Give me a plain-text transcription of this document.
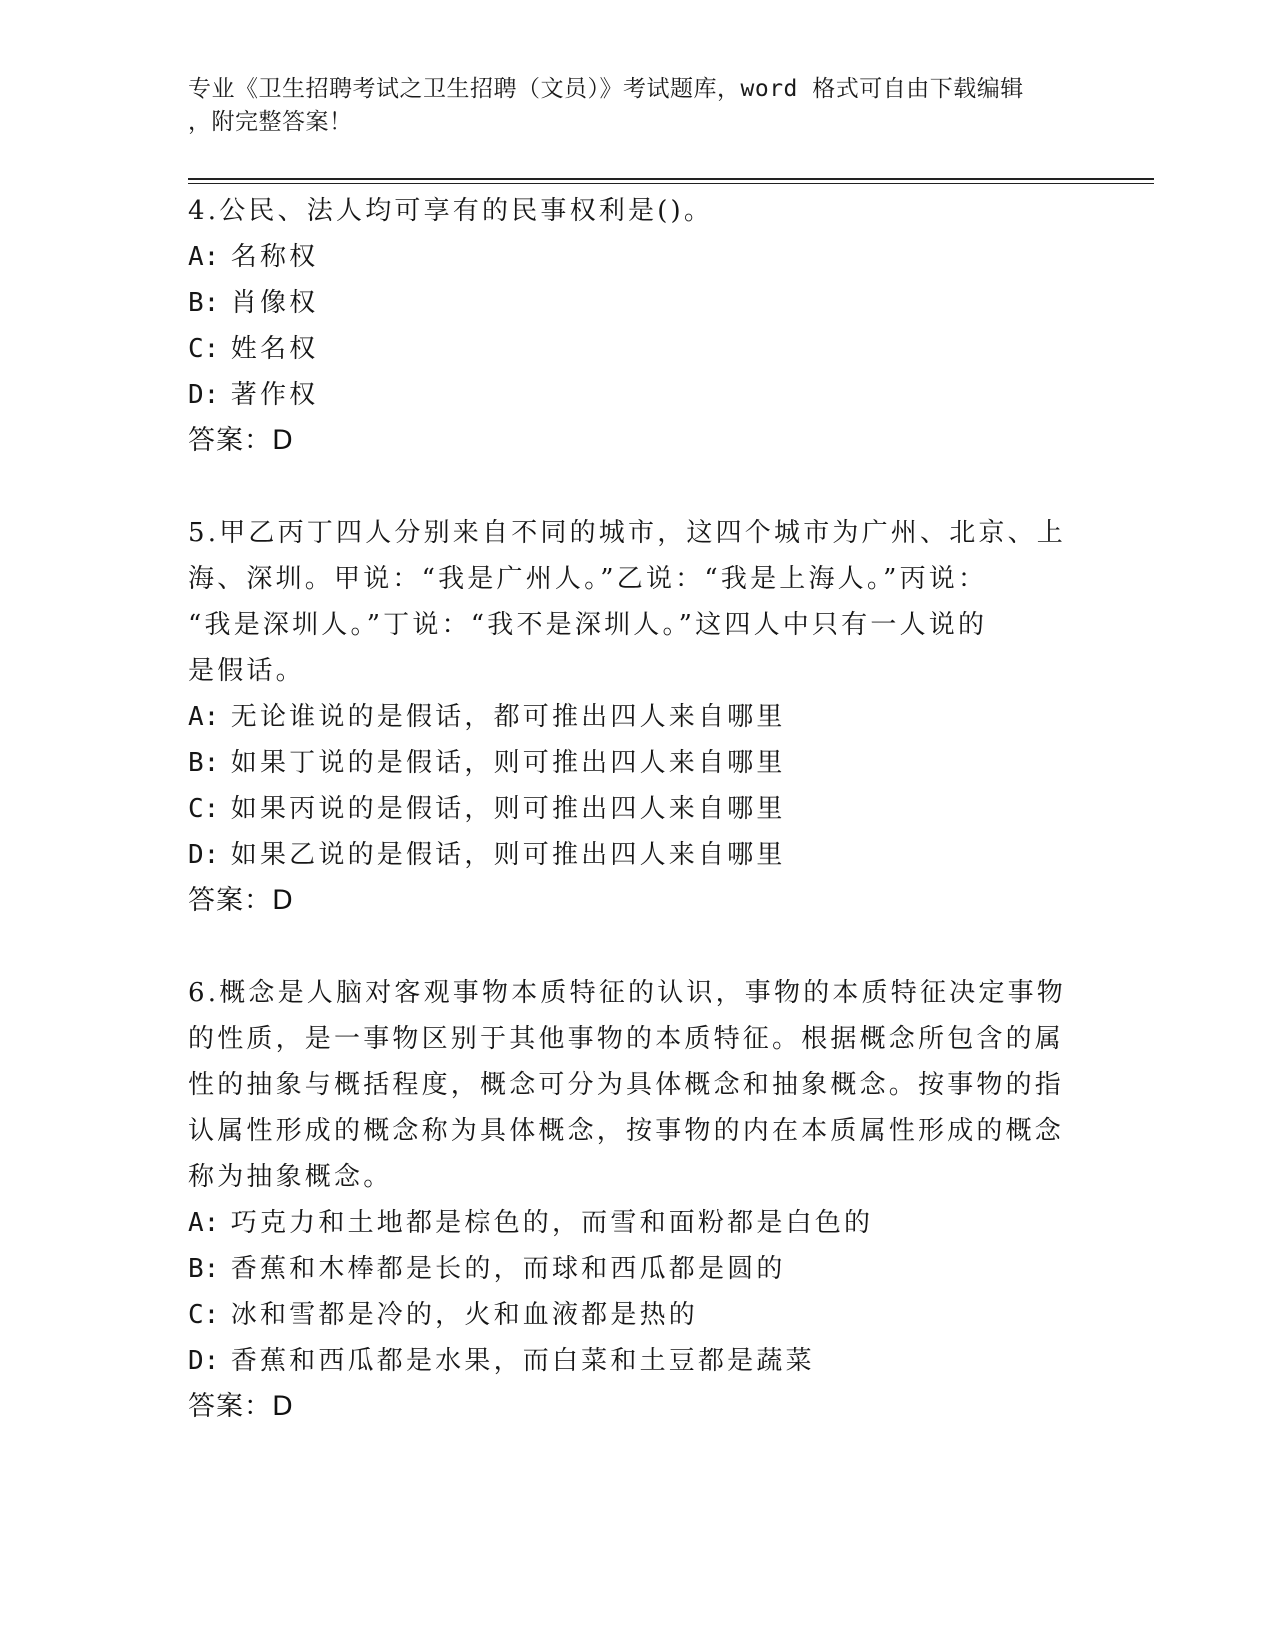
专业《卫生招聘考试之卫生招聘（文员）》考试题库，word 格式可自由下载编辑
，附完整答案！

4.公民、法人均可享有的民事权利是()。

A: 名称权

B: 肖像权

C: 姓名权

D: 著作权

答案：D

5.甲乙丙丁四人分别来自不同的城市，这四个城市为广州、北京、上

海、深圳。甲说：“我是广州人。”乙说：“我是上海人。”丙说：

“我是深圳人。”丁说：“我不是深圳人。”这四人中只有一人说的

是假话。

A: 无论谁说的是假话，都可推出四人来自哪里

B: 如果丁说的是假话，则可推出四人来自哪里

C: 如果丙说的是假话，则可推出四人来自哪里

D: 如果乙说的是假话，则可推出四人来自哪里

答案：D

6.概念是人脑对客观事物本质特征的认识，事物的本质特征决定事物

的性质，是一事物区别于其他事物的本质特征。根据概念所包含的属

性的抽象与概括程度，概念可分为具体概念和抽象概念。按事物的指

认属性形成的概念称为具体概念，按事物的内在本质属性形成的概念

称为抽象概念。

A: 巧克力和土地都是棕色的，而雪和面粉都是白色的

B: 香蕉和木棒都是长的，而球和西瓜都是圆的

C: 冰和雪都是冷的，火和血液都是热的

D: 香蕉和西瓜都是水果，而白菜和土豆都是蔬菜

答案：D
